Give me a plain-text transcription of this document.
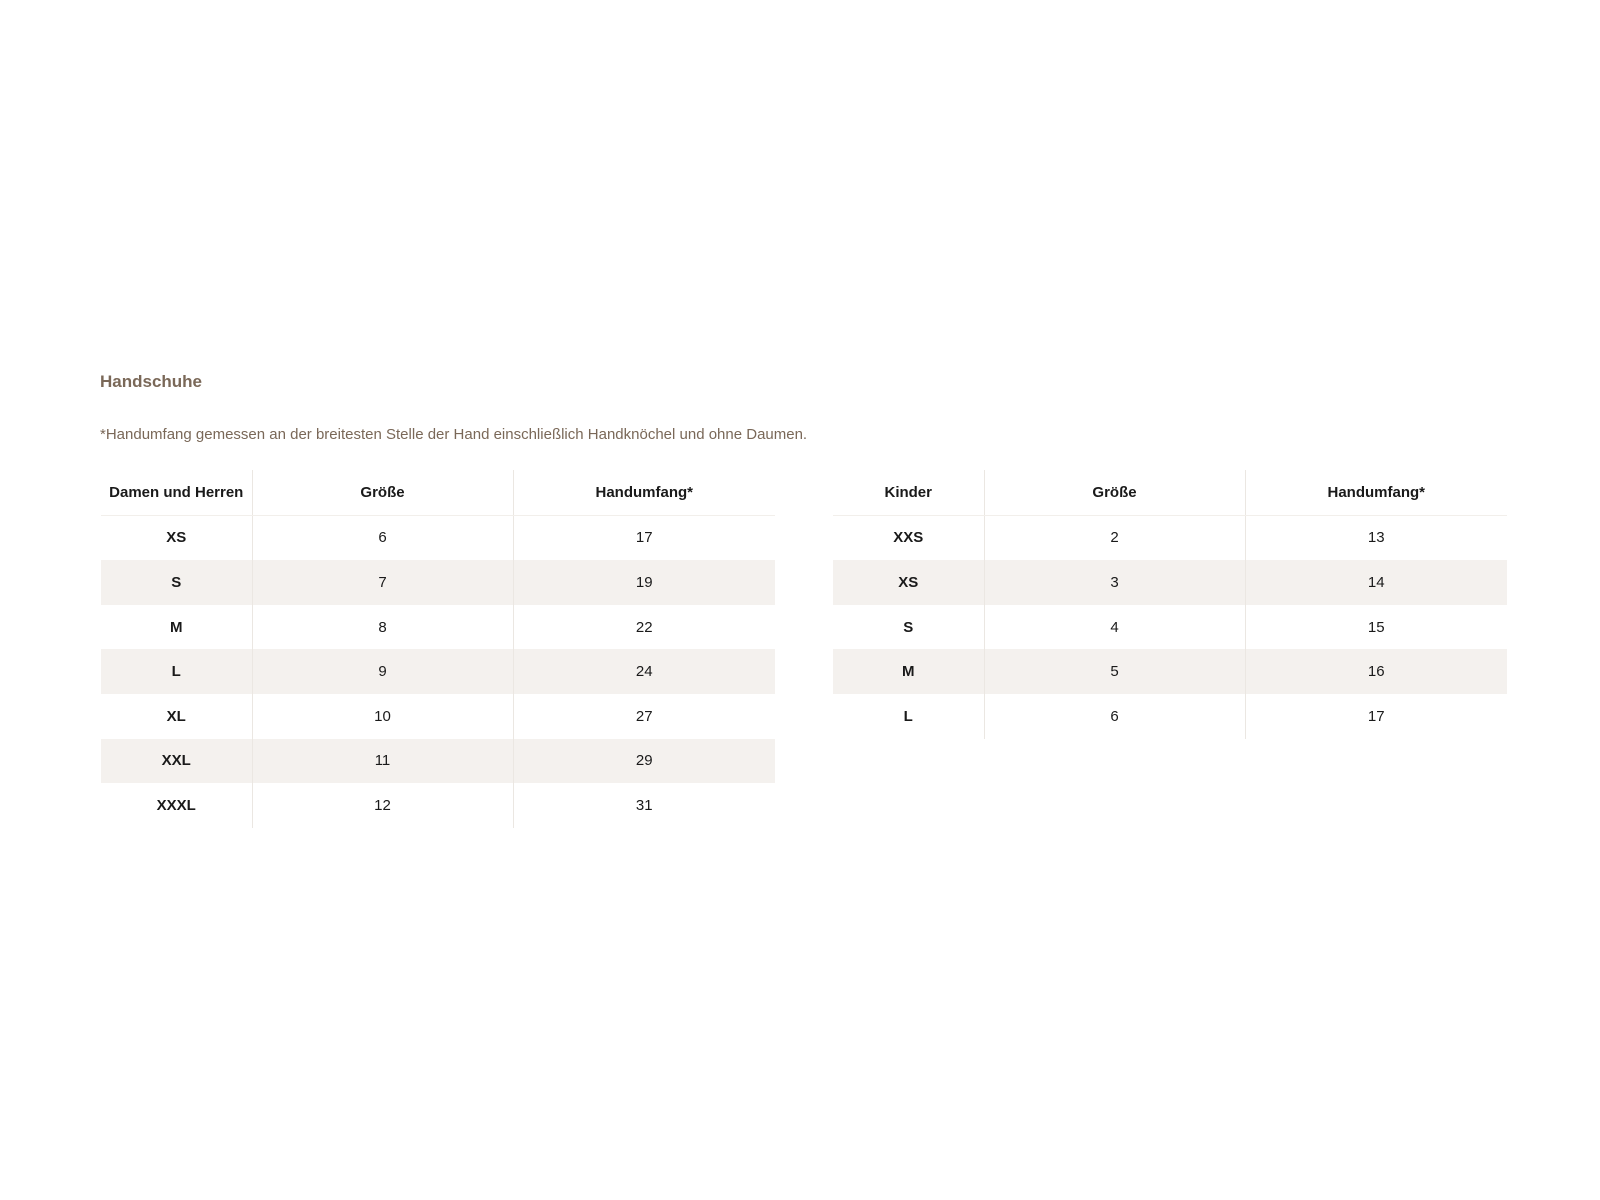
Handschuhe

*Handumfang gemessen an der breitesten Stelle der Hand einschließlich Handknöchel und ohne Daumen.

Damen und Herren	Größe	Handumfang*
XS	6	17
S	7	19
M	8	22
L	9	24
XL	10	27
XXL	11	29
XXXL	12	31
Kinder	Größe	Handumfang*
XXS	2	13
XS	3	14
S	4	15
M	5	16
L	6	17
